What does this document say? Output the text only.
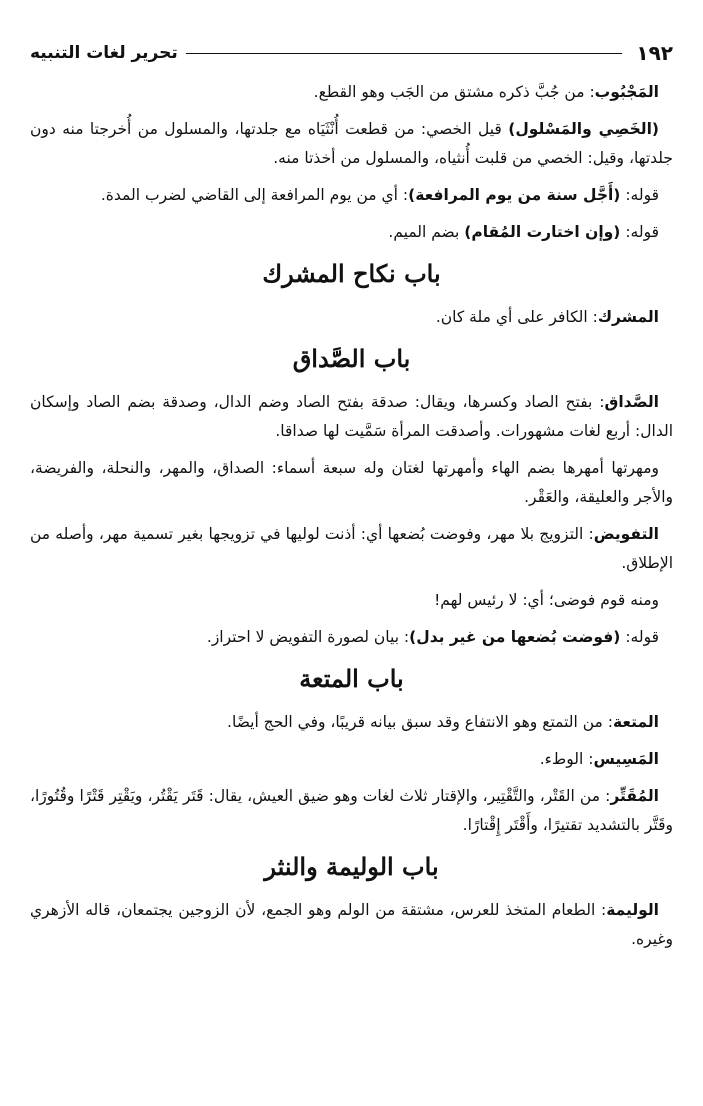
١٩٢
تحرير لغات التنبيه

المَجْبُوب: من جُبَّ ذكره مشتق من الجَب وهو القطع.

(الخَصِي والمَسْلول) قيل الخصي: من قطعت أُنْثَيَاه مع جلدتها، والمسلول من أُخرجتا منه دون جلدتها، وقيل: الخصي من قلبت أُنثياه، والمسلول من أخذتا منه.

قوله: (أَجَّل سنة من يوم المرافعة): أي من يوم المرافعة إلى القاضي لضرب المدة.

قوله: (وإن اختارت المُقام) بضم الميم.

باب نكاح المشرك

المشرك: الكافر على أي ملة كان.

باب الصَّداق

الصَّداق: بفتح الصاد وكسرها، ويقال: صدقة بفتح الصاد وضم الدال، وصدقة بضم الصاد وإسكان الدال: أربع لغات مشهورات. وأصدقت المرأة سَمَّيت لها صداقا.

ومهرتها أمهرها بضم الهاء وأمهرتها لغتان وله سبعة أسماء: الصداق، والمهر، والنحلة، والفريضة، والأجر والعليقة، والعَقْر.

التفويض: التزويج بلا مهر، وفوضت بُضعها أي: أذنت لوليها في تزويجها بغير تسمية مهر، وأصله من الإطلاق.

ومنه قوم فوضى؛ أي: لا رئيس لهم!

قوله: (فوضت بُضعها من غير بدل): بيان لصورة التفويض لا احتراز.

باب المتعة

المتعة: من التمتع وهو الانتفاع وقد سبق بيانه قريبًا، وفي الحج أيضًا.

المَسِيس: الوطء.

المُقَتِّر: من القَتْر، والتَّقْتِير، والإقتار ثلاث لغات وهو ضيق العيش، يقال: قَتَر يَقْتُر، ويَقْتِر قَتْرًا وقُتُورًا، وقَتَّر بالتشديد تقتيرًا، وأَقْتَر إِقْتارًا.

باب الوليمة والنثر

الوليمة: الطعام المتخذ للعرس، مشتقة من الولم وهو الجمع، لأن الزوجين يجتمعان، قاله الأزهري وغيره.
